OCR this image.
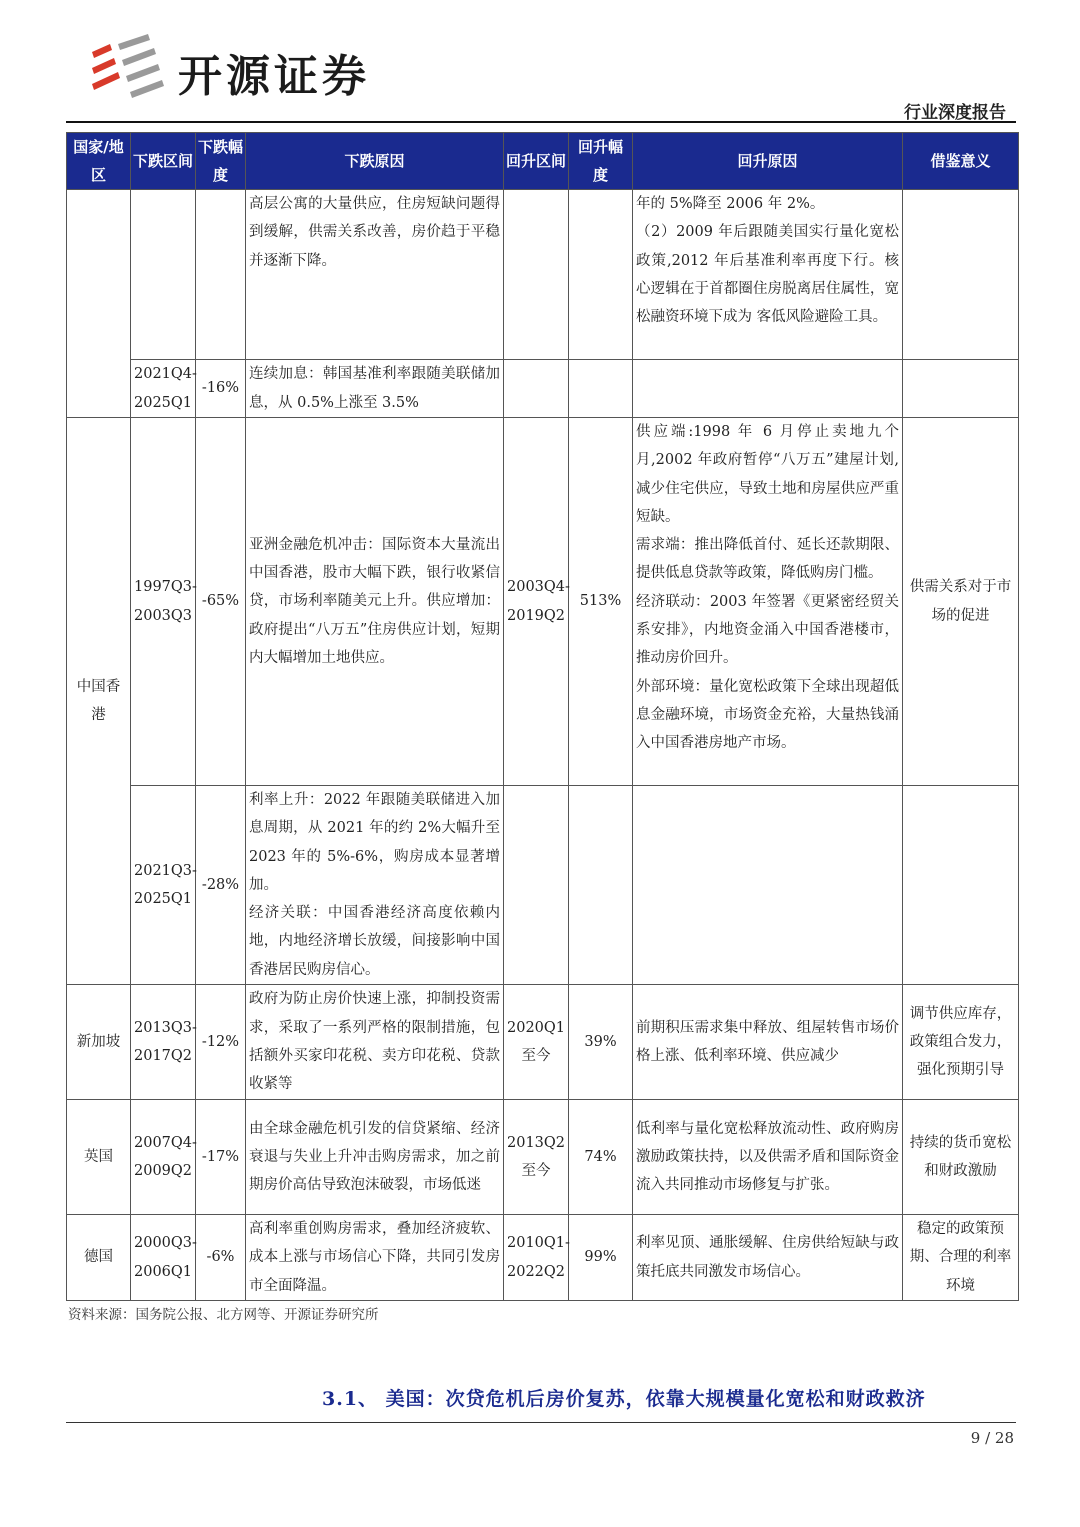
开源证券
行业深度报告
国家/地区	下跌区间	下跌幅度	下跌原因	回升区间	回升幅度	回升原因	借鉴意义
			高层公寓的大量供应，住房短缺问题得到缓解，供需关系改善，房价趋于平稳并逐渐下降。			年的 5%降至 2006 年 2%。
（2）2009 年后跟随美国实行量化宽松政策,2012 年后基准利率再度下行。核心逻辑在于首都圈住房脱离居住属性，宽松融资环境下成为 客低风险避险工具。	

	2021Q4-2025Q1	-16%	连续加息：韩国基准利率跟随美联储加息，从 0.5%上涨至 3.5%				
中国香港	1997Q3-2003Q3	-65%	亚洲金融危机冲击：国际资本大量流出中国香港，股市大幅下跌，银行收紧信贷，市场利率随美元上升。供应增加：政府提出“八万五”住房供应计划，短期内大幅增加土地供应。	2003Q4-2019Q2	513%	供应端:1998 年 6 月停止卖地九个月,2002 年政府暂停“八万五”建屋计划,减少住宅供应，导致土地和房屋供应严重短缺。
需求端：推出降低首付、延长还款期限、提供低息贷款等政策，降低购房门槛。
经济联动：2003 年签署《更紧密经贸关系安排》，内地资金涌入中国香港楼市，推动房价回升。
外部环境：量化宽松政策下全球出现超低息金融环境，市场资金充裕，大量热钱涌入中国香港房地产市场。	供需关系对于市场的促进
	2021Q3-2025Q1	-28%	利率上升：2022 年跟随美联储进入加息周期，从 2021 年的约 2%大幅升至 2023 年的 5%-6%，购房成本显著增加。
经济关联：中国香港经济高度依赖内地，内地经济增长放缓，间接影响中国香港居民购房信心。				

新加坡	2013Q3-2017Q2	-12%	政府为防止房价快速上涨，抑制投资需求，采取了一系列严格的限制措施，包括额外买家印花税、卖方印花税、贷款收紧等	2020Q1至今	39%	前期积压需求集中释放、组屋转售市场价格上涨、低利率环境、供应减少	调节供应库存，政策组合发力，强化预期引导
英国	2007Q4-2009Q2	-17%	由全球金融危机引发的信贷紧缩、经济衰退与失业上升冲击购房需求，加之前期房价高估导致泡沫破裂，市场低迷	2013Q2至今	74%	低利率与量化宽松释放流动性、政府购房激励政策扶持，以及供需矛盾和国际资金流入共同推动市场修复与扩张。	持续的货币宽松和财政激励
德国	2000Q3-2006Q1	-6%	高利率重创购房需求，叠加经济疲软、成本上涨与市场信心下降，共同引发房市全面降温。	2010Q1-2022Q2	99%	利率见顶、通胀缓解、住房供给短缺与政策托底共同激发市场信心。	稳定的政策预期、合理的利率环境
资料来源：国务院公报、北方网等、开源证券研究所
3.1、 美国：次贷危机后房价复苏，依靠大规模量化宽松和财政救济
9 / 28
